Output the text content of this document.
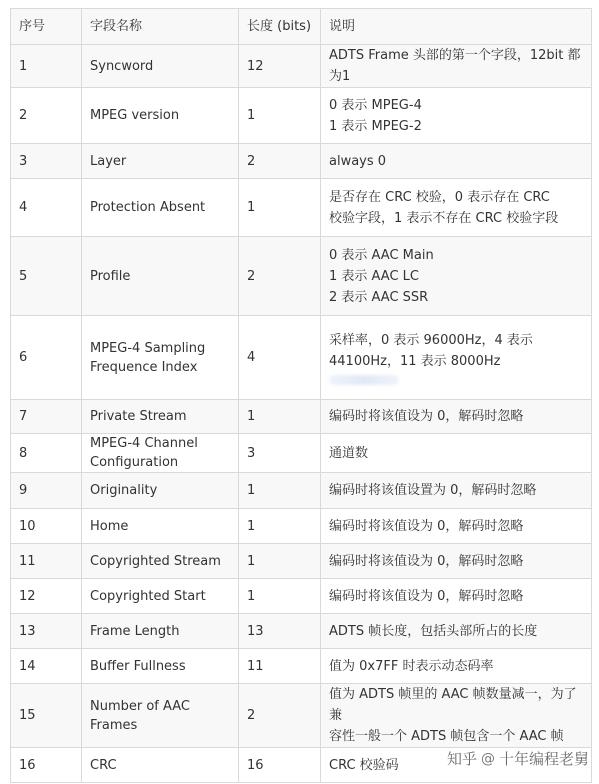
序号	字段名称	长度 (bits)	说明
1	Syncword	12	ADTS Frame 头部的第一个字段，12bit 都为1

2	MPEG version	1	0 表示 MPEG-4
1 表示 MPEG-2

3	Layer	2	always 0

4	Protection Absent	1	是否存在 CRC 校验，0 表示存在 CRC
校验字段，1 表示不存在 CRC 校验字段

5	Profile	2	0 表示 AAC Main
1 表示 AAC LC
2 表示 AAC SSR

6	MPEG-4 Sampling
Frequence Index	4	采样率，0 表示 96000Hz，4 表示
44100Hz，11 表示 8000Hz

7	Private Stream	1	编码时将该值设为 0，解码时忽略

8	MPEG-4 Channel
Configuration	3	通道数

9	Originality	1	编码时将该值设置为 0，解码时忽略

10	Home	1	编码时将该值设为 0，解码时忽略

11	Copyrighted Stream	1	编码时将该值设为 0，解码时忽略

12	Copyrighted Start	1	编码时将该值设为 0，解码时忽略

13	Frame Length	13	ADTS 帧长度，包括头部所占的长度

14	Buffer Fullness	11	值为 0x7FF 时表示动态码率

15	Number of AAC Frames	2	值为 ADTS 帧里的 AAC 帧数量减一，为了兼
容性一般一个 ADTS 帧包含一个 AAC 帧

16	CRC	16	CRC 校验码	知乎 @ 十年编程老舅
